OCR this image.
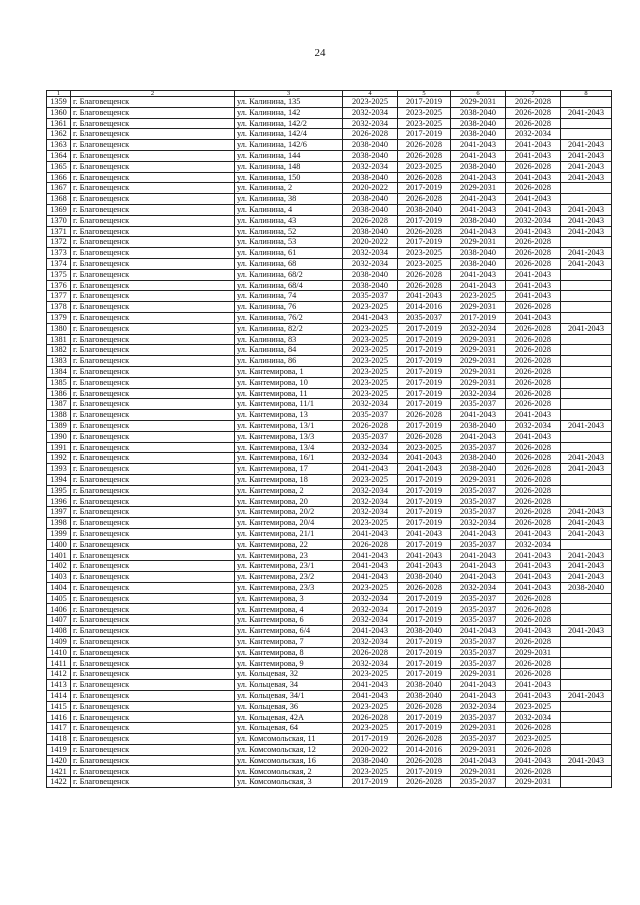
24
1	2	3	4	5	6	7	8
1359	г. Благовещенск	ул. Калинина, 135	2023-2025	2017-2019	2029-2031	2026-2028	
1360	г. Благовещенск	ул. Калинина, 142	2032-2034	2023-2025	2038-2040	2026-2028	2041-2043
1361	г. Благовещенск	ул. Калинина, 142/2	2032-2034	2023-2025	2038-2040	2026-2028	
1362	г. Благовещенск	ул. Калинина, 142/4	2026-2028	2017-2019	2038-2040	2032-2034	
1363	г. Благовещенск	ул. Калинина, 142/6	2038-2040	2026-2028	2041-2043	2041-2043	2041-2043
1364	г. Благовещенск	ул. Калинина, 144	2038-2040	2026-2028	2041-2043	2041-2043	2041-2043
1365	г. Благовещенск	ул. Калинина, 148	2032-2034	2023-2025	2038-2040	2026-2028	2041-2043
1366	г. Благовещенск	ул. Калинина, 150	2038-2040	2026-2028	2041-2043	2041-2043	2041-2043
1367	г. Благовещенск	ул. Калинина, 2	2020-2022	2017-2019	2029-2031	2026-2028	
1368	г. Благовещенск	ул. Калинина, 38	2038-2040	2026-2028	2041-2043	2041-2043	
1369	г. Благовещенск	ул. Калинина, 4	2038-2040	2038-2040	2041-2043	2041-2043	2041-2043
1370	г. Благовещенск	ул. Калинина, 43	2026-2028	2017-2019	2038-2040	2032-2034	2041-2043
1371	г. Благовещенск	ул. Калинина, 52	2038-2040	2026-2028	2041-2043	2041-2043	2041-2043
1372	г. Благовещенск	ул. Калинина, 53	2020-2022	2017-2019	2029-2031	2026-2028	
1373	г. Благовещенск	ул. Калинина, 61	2032-2034	2023-2025	2038-2040	2026-2028	2041-2043
1374	г. Благовещенск	ул. Калинина, 68	2032-2034	2023-2025	2038-2040	2026-2028	2041-2043
1375	г. Благовещенск	ул. Калинина, 68/2	2038-2040	2026-2028	2041-2043	2041-2043	
1376	г. Благовещенск	ул. Калинина, 68/4	2038-2040	2026-2028	2041-2043	2041-2043	
1377	г. Благовещенск	ул. Калинина, 74	2035-2037	2041-2043	2023-2025	2041-2043	
1378	г. Благовещенск	ул. Калинина, 76	2023-2025	2014-2016	2029-2031	2026-2028	
1379	г. Благовещенск	ул. Калинина, 76/2	2041-2043	2035-2037	2017-2019	2041-2043	
1380	г. Благовещенск	ул. Калинина, 82/2	2023-2025	2017-2019	2032-2034	2026-2028	2041-2043
1381	г. Благовещенск	ул. Калинина, 83	2023-2025	2017-2019	2029-2031	2026-2028	
1382	г. Благовещенск	ул. Калинина, 84	2023-2025	2017-2019	2029-2031	2026-2028	
1383	г. Благовещенск	ул. Калинина, 86	2023-2025	2017-2019	2029-2031	2026-2028	
1384	г. Благовещенск	ул. Кантемирова, 1	2023-2025	2017-2019	2029-2031	2026-2028	
1385	г. Благовещенск	ул. Кантемирова, 10	2023-2025	2017-2019	2029-2031	2026-2028	
1386	г. Благовещенск	ул. Кантемирова, 11	2023-2025	2017-2019	2032-2034	2026-2028	
1387	г. Благовещенск	ул. Кантемирова, 11/1	2032-2034	2017-2019	2035-2037	2026-2028	
1388	г. Благовещенск	ул. Кантемирова, 13	2035-2037	2026-2028	2041-2043	2041-2043	
1389	г. Благовещенск	ул. Кантемирова, 13/1	2026-2028	2017-2019	2038-2040	2032-2034	2041-2043
1390	г. Благовещенск	ул. Кантемирова, 13/3	2035-2037	2026-2028	2041-2043	2041-2043	
1391	г. Благовещенск	ул. Кантемирова, 13/4	2032-2034	2023-2025	2035-2037	2026-2028	
1392	г. Благовещенск	ул. Кантемирова, 16/1	2032-2034	2041-2043	2038-2040	2026-2028	2041-2043
1393	г. Благовещенск	ул. Кантемирова, 17	2041-2043	2041-2043	2038-2040	2026-2028	2041-2043
1394	г. Благовещенск	ул. Кантемирова, 18	2023-2025	2017-2019	2029-2031	2026-2028	
1395	г. Благовещенск	ул. Кантемирова, 2	2032-2034	2017-2019	2035-2037	2026-2028	
1396	г. Благовещенск	ул. Кантемирова, 20	2032-2034	2017-2019	2035-2037	2026-2028	
1397	г. Благовещенск	ул. Кантемирова, 20/2	2032-2034	2017-2019	2035-2037	2026-2028	2041-2043
1398	г. Благовещенск	ул. Кантемирова, 20/4	2023-2025	2017-2019	2032-2034	2026-2028	2041-2043
1399	г. Благовещенск	ул. Кантемирова, 21/1	2041-2043	2041-2043	2041-2043	2041-2043	2041-2043
1400	г. Благовещенск	ул. Кантемирова, 22	2026-2028	2017-2019	2035-2037	2032-2034	
1401	г. Благовещенск	ул. Кантемирова, 23	2041-2043	2041-2043	2041-2043	2041-2043	2041-2043
1402	г. Благовещенск	ул. Кантемирова, 23/1	2041-2043	2041-2043	2041-2043	2041-2043	2041-2043
1403	г. Благовещенск	ул. Кантемирова, 23/2	2041-2043	2038-2040	2041-2043	2041-2043	2041-2043
1404	г. Благовещенск	ул. Кантемирова, 23/3	2023-2025	2026-2028	2032-2034	2041-2043	2038-2040
1405	г. Благовещенск	ул. Кантемирова, 3	2032-2034	2017-2019	2035-2037	2026-2028	
1406	г. Благовещенск	ул. Кантемирова, 4	2032-2034	2017-2019	2035-2037	2026-2028	
1407	г. Благовещенск	ул. Кантемирова, 6	2032-2034	2017-2019	2035-2037	2026-2028	
1408	г. Благовещенск	ул. Кантемирова, 6/4	2041-2043	2038-2040	2041-2043	2041-2043	2041-2043
1409	г. Благовещенск	ул. Кантемирова, 7	2032-2034	2017-2019	2035-2037	2026-2028	
1410	г. Благовещенск	ул. Кантемирова, 8	2026-2028	2017-2019	2035-2037	2029-2031	
1411	г. Благовещенск	ул. Кантемирова, 9	2032-2034	2017-2019	2035-2037	2026-2028	
1412	г. Благовещенск	ул. Кольцевая, 32	2023-2025	2017-2019	2029-2031	2026-2028	
1413	г. Благовещенск	ул. Кольцевая, 34	2041-2043	2038-2040	2041-2043	2041-2043	
1414	г. Благовещенск	ул. Кольцевая, 34/1	2041-2043	2038-2040	2041-2043	2041-2043	2041-2043
1415	г. Благовещенск	ул. Кольцевая, 36	2023-2025	2026-2028	2032-2034	2023-2025	
1416	г. Благовещенск	ул. Кольцевая, 42А	2026-2028	2017-2019	2035-2037	2032-2034	
1417	г. Благовещенск	ул. Кольцевая, 64	2023-2025	2017-2019	2029-2031	2026-2028	
1418	г. Благовещенск	ул. Комсомольская, 11	2017-2019	2026-2028	2035-2037	2023-2025	
1419	г. Благовещенск	ул. Комсомольская, 12	2020-2022	2014-2016	2029-2031	2026-2028	
1420	г. Благовещенск	ул. Комсомольская, 16	2038-2040	2026-2028	2041-2043	2041-2043	2041-2043
1421	г. Благовещенск	ул. Комсомольская, 2	2023-2025	2017-2019	2029-2031	2026-2028	
1422	г. Благовещенск	ул. Комсомольская, 3	2017-2019	2026-2028	2035-2037	2029-2031	
